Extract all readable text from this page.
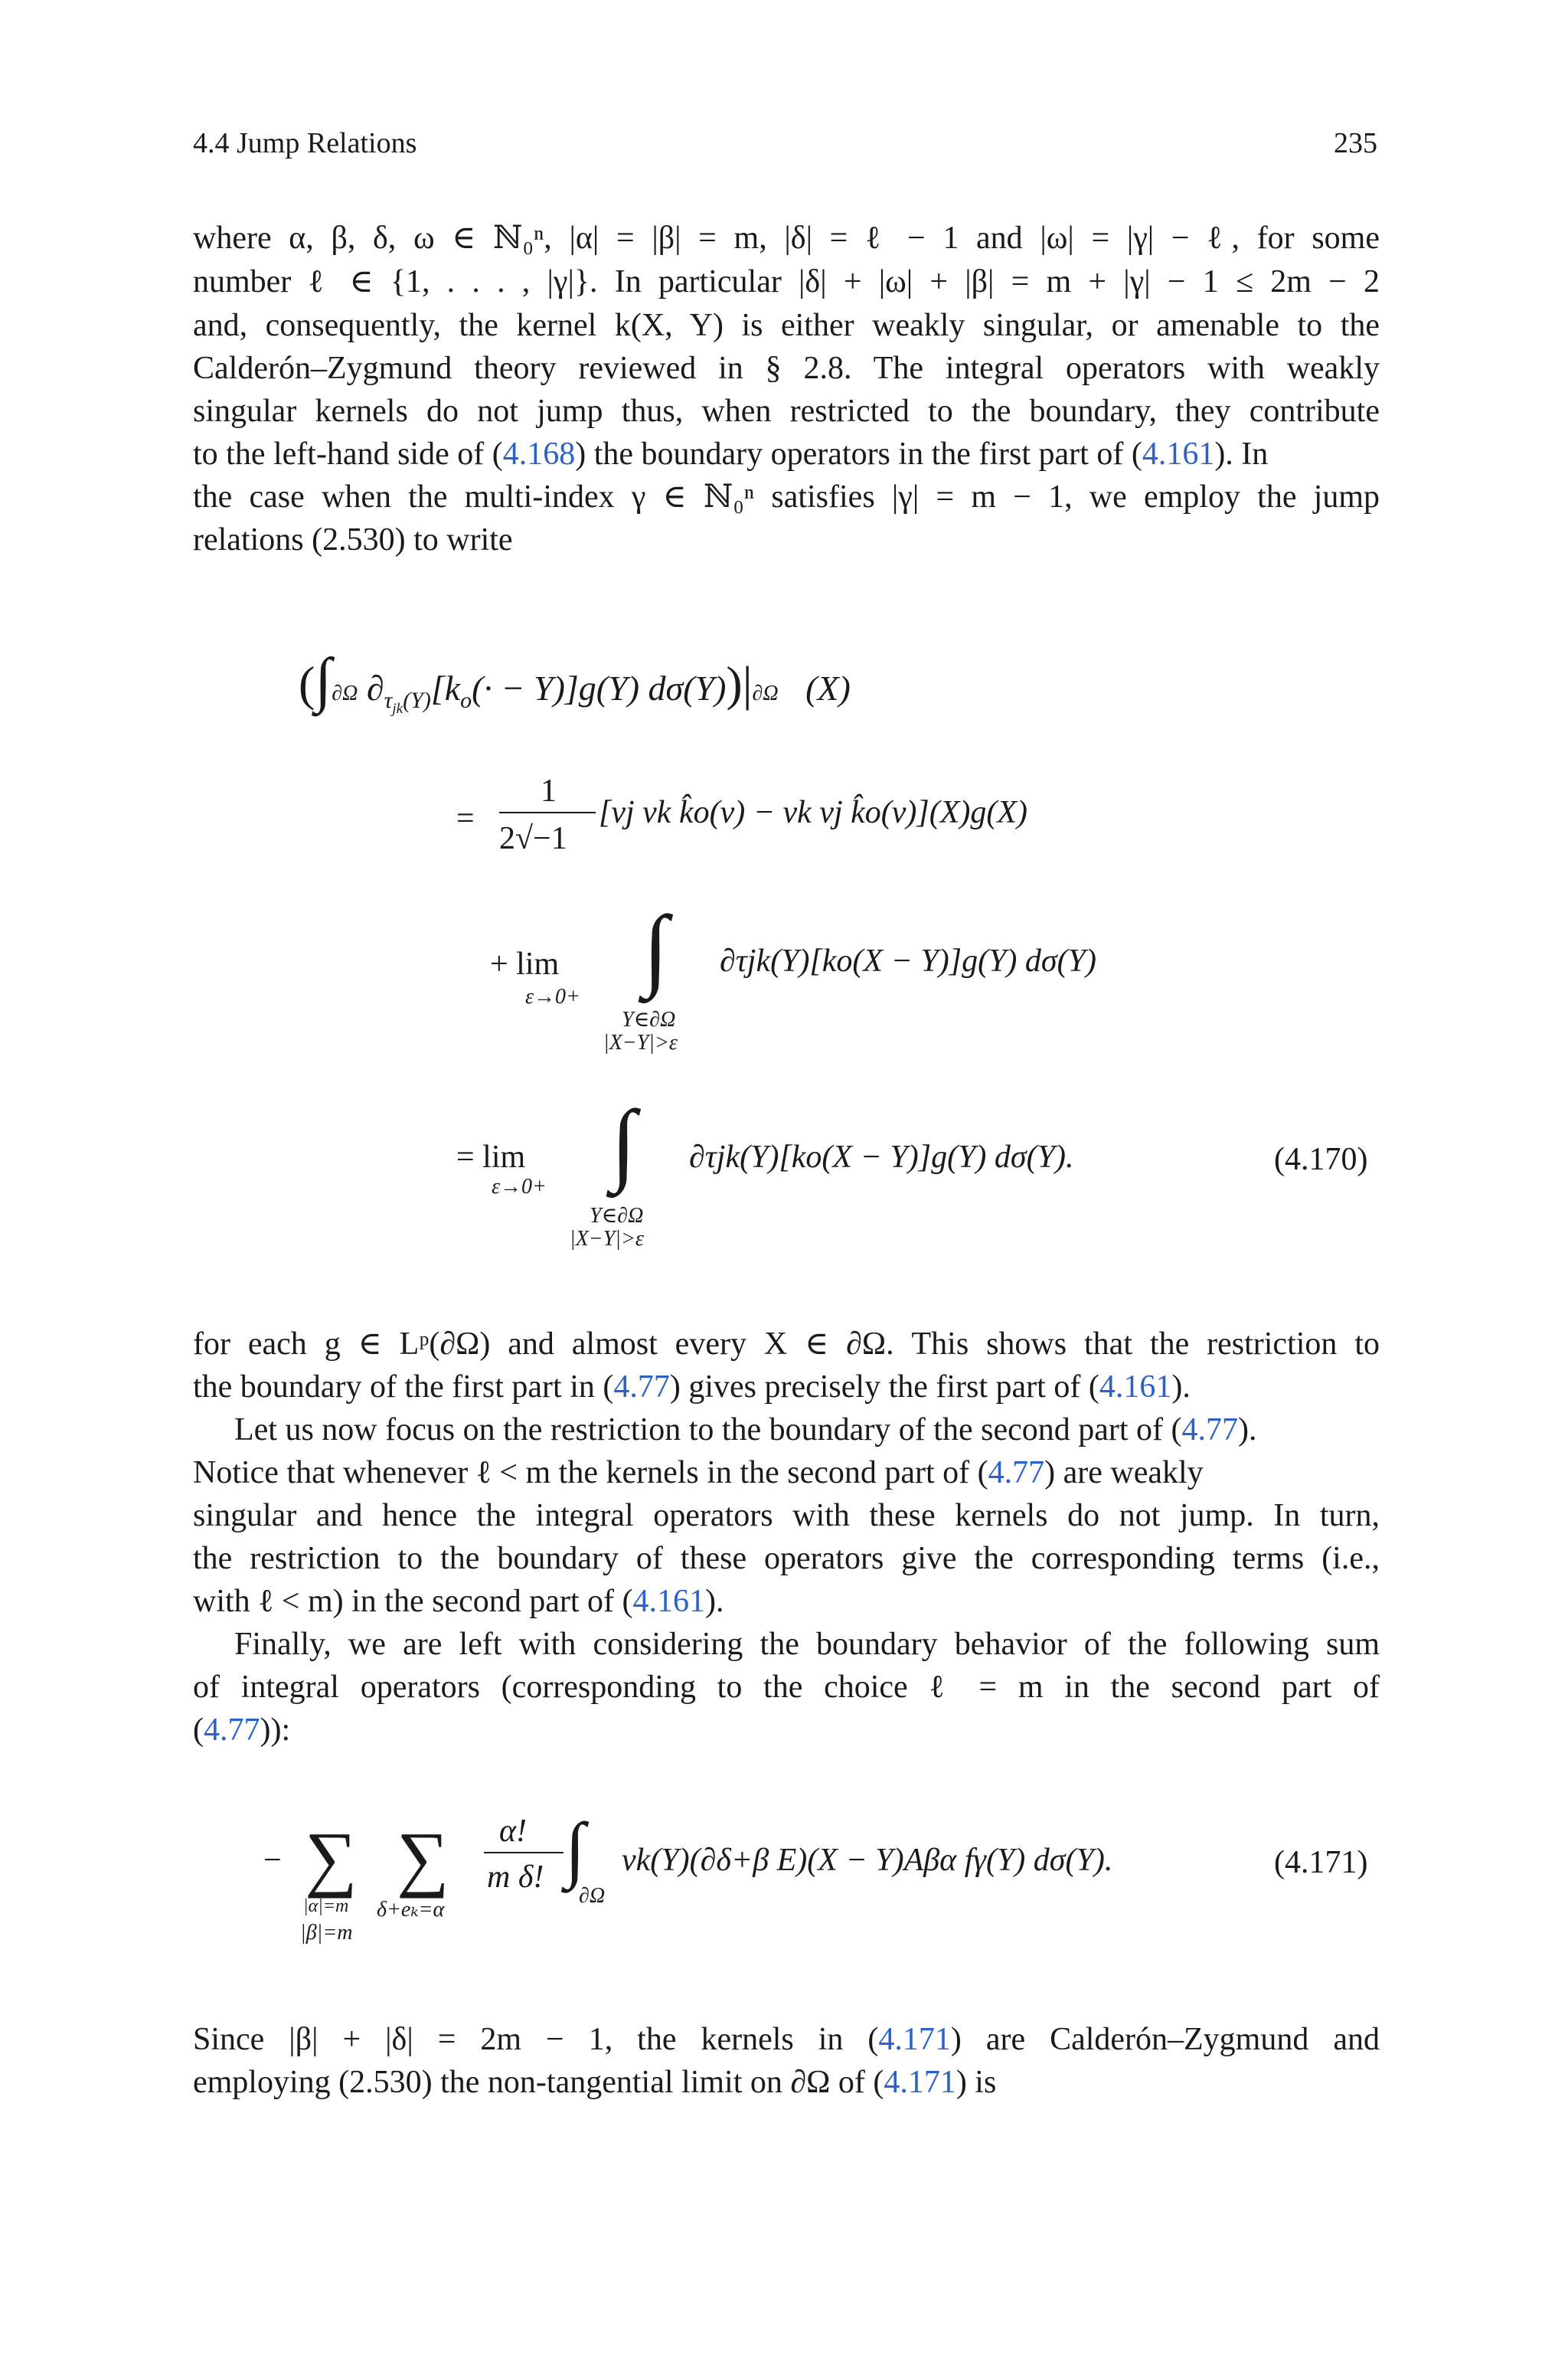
4.4 Jump Relations	235
where α, β, δ, ω ∈ ℕ₀ⁿ, |α| = |β| = m, |δ| = ℓ − 1 and |ω| = |γ| − ℓ, for some
number ℓ ∈ {1, . . . , |γ|}. In particular |δ| + |ω| + |β| = m + |γ| − 1 ≤ 2m − 2
and, consequently, the kernel k(X, Y) is either weakly singular, or amenable to the
Calderón–Zygmund theory reviewed in § 2.8. The integral operators with weakly
singular kernels do not jump thus, when restricted to the boundary, they contribute
to the left-hand side of (4.168) the boundary operators in the first part of (4.161). In
the case when the multi-index γ ∈ ℕ₀ⁿ satisfies |γ| = m − 1, we employ the jump
relations (2.530) to write
(∫∂Ω $\partial_{\tau_{jk}(Y)}[k_o(\cdot - Y)]g(Y)$ dσ(Y))|∂Ω (X)
=
1
2√−1
[νj νk k̂o(ν) − νk νj k̂o(ν)](X)g(X)
+ lim
ε→0+ ∫
Y∈∂Ω
|X−Y|>ε
∂τjk(Y)[ko(X − Y)]g(Y) dσ(Y)
= lim
ε→0+ ∫
Y∈∂Ω
|X−Y|>ε
∂τjk(Y)[ko(X − Y)]g(Y) dσ(Y).	(4.170)
for each g ∈ Lᵖ(∂Ω) and almost every X ∈ ∂Ω. This shows that the restriction to
the boundary of the first part in (4.77) gives precisely the first part of (4.161).
Let us now focus on the restriction to the boundary of the second part of (4.77).
Notice that whenever ℓ < m the kernels in the second part of (4.77) are weakly
singular and hence the integral operators with these kernels do not jump. In turn,
the restriction to the boundary of these operators give the corresponding terms (i.e.,
with ℓ < m) in the second part of (4.161).
Finally, we are left with considering the boundary behavior of the following sum
of integral operators (corresponding to the choice ℓ = m in the second part of
(4.77)):
− ∑
|α|=m
|β|=m
∑
δ+eₖ=α
α!
m δ! ∫
∂Ω
νk(Y)(∂δ+β E)(X − Y)Aβα fγ(Y) dσ(Y).	(4.171)
Since |β| + |δ| = 2m − 1, the kernels in (4.171) are Calderón–Zygmund and
employing (2.530) the non-tangential limit on ∂Ω of (4.171) is
